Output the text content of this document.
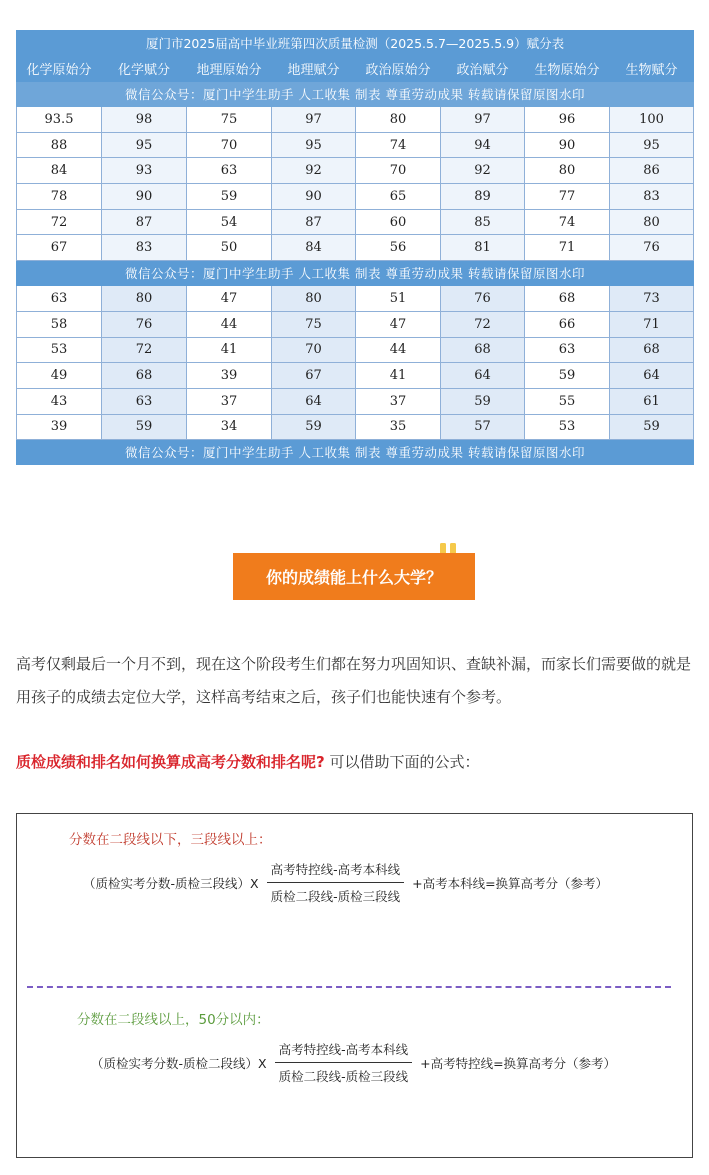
厦门市2025届高中毕业班第四次质量检测（2025.5.7—2025.5.9）赋分表							
化学原始分	化学赋分	地理原始分	地理赋分	政治原始分	政治赋分	生物原始分	生物赋分
微信公众号：厦门中学生助手 人工收集 制表 尊重劳动成果 转载请保留原图水印							
93.5	98	75	97	80	97	96	100
88	95	70	95	74	94	90	95
84	93	63	92	70	92	80	86
78	90	59	90	65	89	77	83
72	87	54	87	60	85	74	80
67	83	50	84	56	81	71	76
微信公众号：厦门中学生助手 人工收集 制表 尊重劳动成果 转载请保留原图水印							
63	80	47	80	51	76	68	73
58	76	44	75	47	72	66	71
53	72	41	70	44	68	63	68
49	68	39	67	41	64	59	64
43	63	37	64	37	59	55	61
39	59	34	59	35	57	53	59
微信公众号：厦门中学生助手 人工收集 制表 尊重劳动成果 转载请保留原图水印							
你的成绩能上什么大学？

高考仅剩最后一个月不到，现在这个阶段考生们都在努力巩固知识、查缺补漏，而家长们需要做的就是用孩子的成绩去定位大学，这样高考结束之后，孩子们也能快速有个参考。

质检成绩和排名如何换算成高考分数和排名呢? 可以借助下面的公式：

分数在二段线以下，三段线以上：
（质检实考分数-质检三段线）$X \frac{\text{高考特控线-高考本科线}}{\text{质检二段线-质检三段线}}$ +高考本科线=换算高考分（参考）
分数在二段线以上，50分以内：
（质检实考分数-质检二段线）$X \frac{\text{高考特控线-高考本科线}}{\text{质检二段线-质检三段线}}$ +高考特控线=换算高考分（参考）
